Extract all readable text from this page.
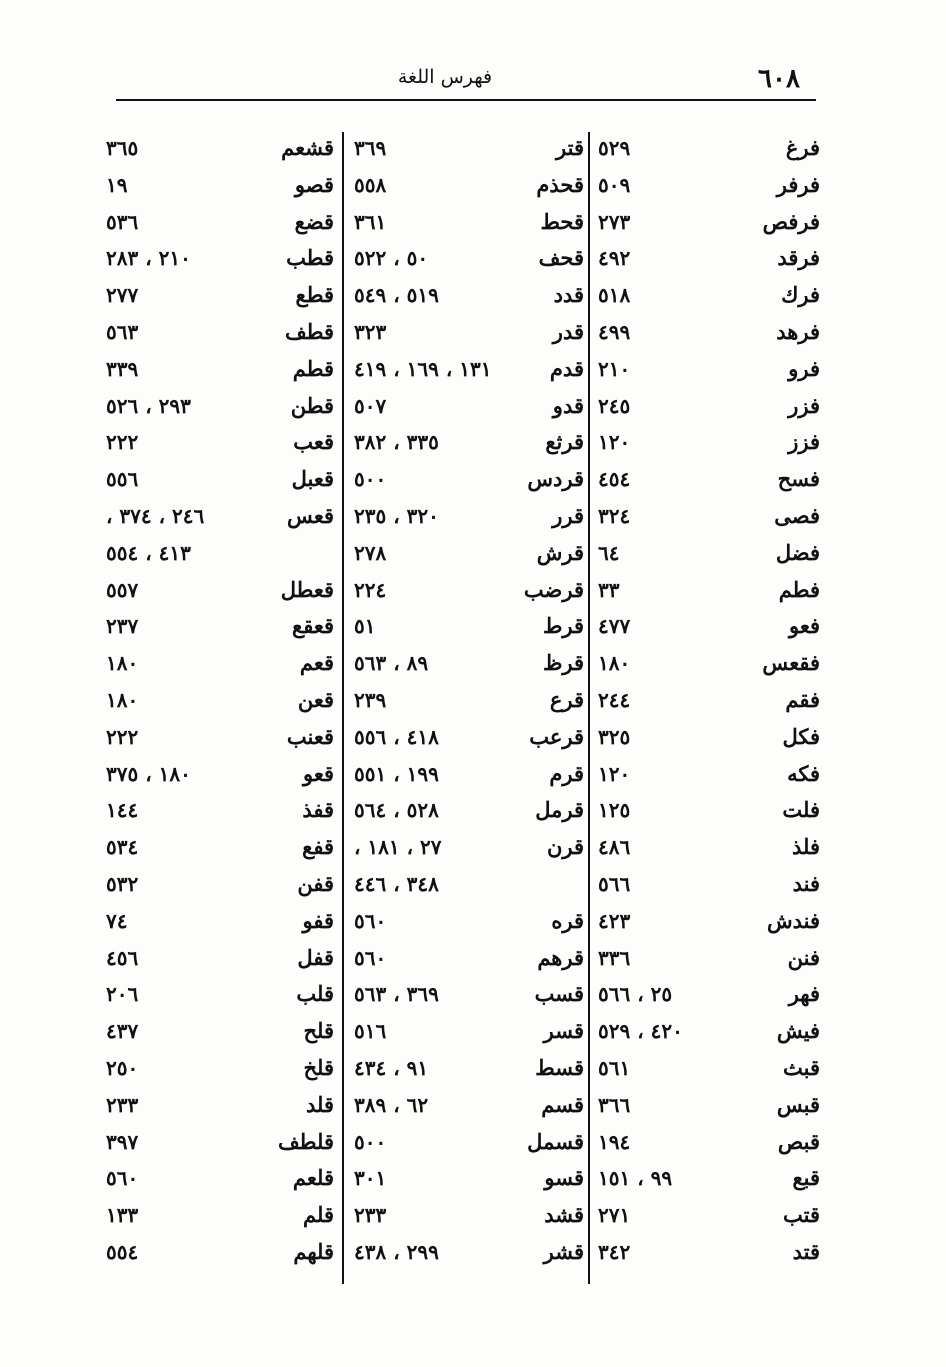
٦٠٨
فهرس اللغة
فرغ
٥٢٩
فرفر
٥٠٩
فرفص
٢٧٣
فرقد
٤٩٢
فرك
٥١٨
فرهد
٤٩٩
فرو
٢١٠
فزر
٢٤٥
فزز
١٢٠
فسح
٤٥٤
فصى
٣٢٤
فضل
٦٤
فطم
٣٣
فعو
٤٧٧
فقعس
١٨٠
فقم
٢٤٤
فكل
٣٢٥
فكه
١٢٠
فلت
١٢٥
فلذ
٤٨٦
فند
٥٦٦
فندش
٤٢٣
فنن
٣٣٦
فهر
٢٥ ، ٥٦٦
فيش
٤٢٠ ، ٥٢٩
قبث
٥٦١
قبس
٣٦٦
قبص
١٩٤
قبع
٩٩ ، ١٥١
قتب
٢٧١
قتد
٣٤٢
قتر
٣٦٩
قحذم
٥٥٨
قحط
٣٦١
قحف
٥٠ ، ٥٢٢
قدد
٥١٩ ، ٥٤٩
قدر
٣٢٣
قدم
١٣١ ، ١٦٩ ، ٤١٩
قدو
٥٠٧
قرثع
٣٣٥ ، ٣٨٢
قردس
٥٠٠
قرر
٣٢٠ ، ٢٣٥
قرش
٢٧٨
قرضب
٢٢٤
قرط
٥١
قرظ
٨٩ ، ٥٦٣
قرع
٢٣٩
قرعب
٤١٨ ، ٥٥٦
قرم
١٩٩ ، ٥٥١
قرمل
٥٢٨ ، ٥٦٤
قرن
٢٧ ، ١٨١ ،
٣٤٨ ، ٤٤٦
قره
٥٦٠
قرهم
٥٦٠
قسب
٣٦٩ ، ٥٦٣
قسر
٥١٦
قسط
٩١ ، ٤٣٤
قسم
٦٢ ، ٣٨٩
قسمل
٥٠٠
قسو
٣٠١
قشد
٢٣٣
قشر
٢٩٩ ، ٤٣٨
قشعم
٣٦٥
قصو
١٩
قضع
٥٣٦
قطب
٢١٠ ، ٢٨٣
قطع
٢٧٧
قطف
٥٦٣
قطم
٣٣٩
قطن
٢٩٣ ، ٥٢٦
قعب
٢٢٢
قعبل
٥٥٦
قعس
٢٤٦ ، ٣٧٤ ،
٤١٣ ، ٥٥٤
قعطل
٥٥٧
قعقع
٢٣٧
قعم
١٨٠
قعن
١٨٠
قعنب
٢٢٢
قعو
١٨٠ ، ٣٧٥
قفذ
١٤٤
قفع
٥٣٤
قفن
٥٣٢
قفو
٧٤
قفل
٤٥٦
قلب
٢٠٦
قلح
٤٣٧
قلخ
٢٥٠
قلد
٢٣٣
قلطف
٣٩٧
قلعم
٥٦٠
قلم
١٣٣
قلهم
٥٥٤
